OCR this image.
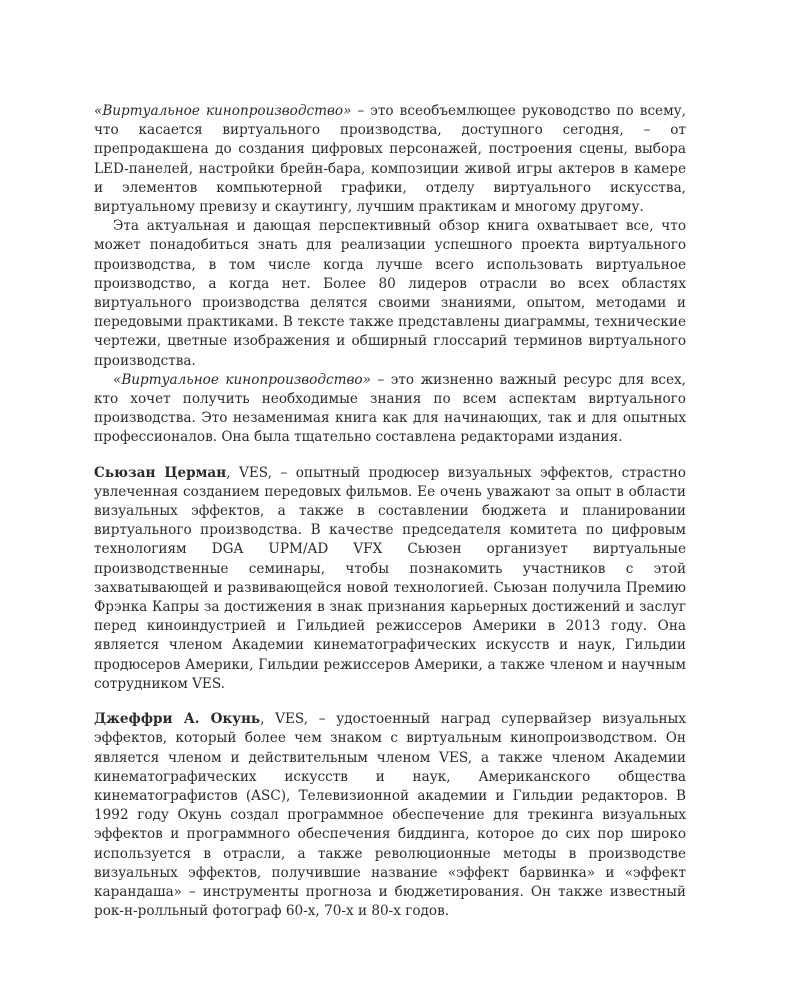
«Виртуальное кинопроизводство» – это всеобъемлющее руководство по всему, что касается виртуального производства, доступного сегодня, – от препродакшена до создания цифровых персонажей, построения сцены, выбора LED-панелей, настройки брейн-бара, композиции живой игры актеров в камере и элементов компьютерной графики, отделу виртуального искусства, виртуальному превизу и скаутингу, лучшим практикам и многому другому.

Эта актуальная и дающая перспективный обзор книга охватывает все, что может понадобиться знать для реализации успешного проекта виртуального производства, в том числе когда лучше всего использовать виртуальное производство, а когда нет. Более 80 лидеров отрасли во всех областях виртуального производства делятся своими знаниями, опытом, методами и передовыми практиками. В тексте также представлены диаграммы, технические чертежи, цветные изображения и обширный глоссарий терминов виртуального производства.

«Виртуальное кинопроизводство» – это жизненно важный ресурс для всех, кто хочет получить необходимые знания по всем аспектам виртуального производства. Это незаменимая книга как для начинающих, так и для опытных профессионалов. Она была тщательно составлена редакторами издания.

Сьюзан Церман, VES, – опытный продюсер визуальных эффектов, страстно увлеченная созданием передовых фильмов. Ее очень уважают за опыт в области визуальных эффектов, а также в составлении бюджета и планировании виртуального производства. В качестве председателя комитета по цифровым технологиям DGA UPM/AD VFX Сьюзен организует виртуальные производственные семинары, чтобы познакомить участников с этой захватывающей и развивающейся новой технологией. Сьюзан получила Премию Фрэнка Капры за достижения в знак признания карьерных достижений и заслуг перед киноиндустрией и Гильдией режиссеров Америки в 2013 году. Она является членом Академии кинематографических искусств и наук, Гильдии продюсеров Америки, Гильдии режиссеров Америки, а также членом и научным сотрудником VES.

Джеффри А. Окунь, VES, – удостоенный наград супервайзер визуальных эффектов, который более чем знаком с виртуальным кинопроизводством. Он является членом и действительным членом VES, а также членом Академии кинематографических искусств и наук, Американского общества кинематографистов (ASC), Телевизионной академии и Гильдии редакторов. В 1992 году Окунь создал программное обеспечение для трекинга визуальных эффектов и программного обеспечения биддинга, которое до сих пор широко используется в отрасли, а также революционные методы в производстве визуальных эффектов, получившие название «эффект барвинка» и «эффект карандаша» – инструменты прогноза и бюджетирования. Он также известный рок-н-ролльный фотограф 60-х, 70-х и 80-х годов.
